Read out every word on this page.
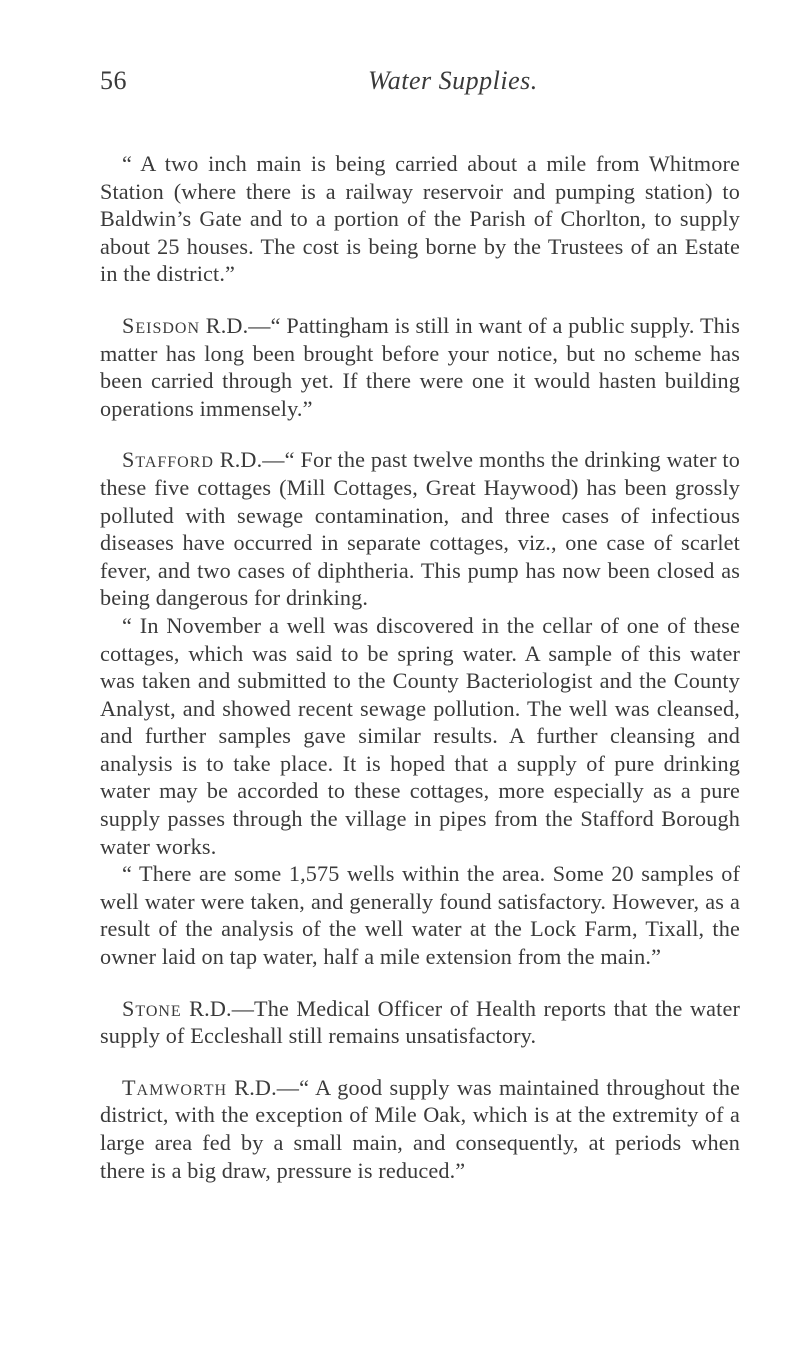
56	Water Supplies.

“ A two inch main is being carried about a mile from Whitmore Station (where there is a railway reservoir and pumping station) to Baldwin’s Gate and to a portion of the Parish of Chorlton, to supply about 25 houses. The cost is being borne by the Trustees of an Estate in the district.”

Seisdon R.D.—“ Pattingham is still in want of a public supply. This matter has long been brought before your notice, but no scheme has been carried through yet. If there were one it would hasten building operations immensely.”

Stafford R.D.—“ For the past twelve months the drinking water to these five cottages (Mill Cottages, Great Haywood) has been grossly polluted with sewage contamination, and three cases of infectious diseases have occurred in separate cottages, viz., one case of scarlet fever, and two cases of diphtheria. This pump has now been closed as being dangerous for drinking.

“ In November a well was discovered in the cellar of one of these cottages, which was said to be spring water. A sample of this water was taken and submitted to the County Bacteriologist and the County Analyst, and showed recent sewage pollution. The well was cleansed, and further samples gave similar results. A further cleansing and analysis is to take place. It is hoped that a supply of pure drinking water may be accorded to these cottages, more especially as a pure supply passes through the village in pipes from the Stafford Borough water works.

“ There are some 1,575 wells within the area. Some 20 samples of well water were taken, and generally found satisfactory. However, as a result of the analysis of the well water at the Lock Farm, Tixall, the owner laid on tap water, half a mile extension from the main.”

Stone R.D.—The Medical Officer of Health reports that the water supply of Eccleshall still remains unsatisfactory.

Tamworth R.D.—“ A good supply was maintained throughout the district, with the exception of Mile Oak, which is at the extremity of a large area fed by a small main, and consequently, at periods when there is a big draw, pressure is reduced.”
